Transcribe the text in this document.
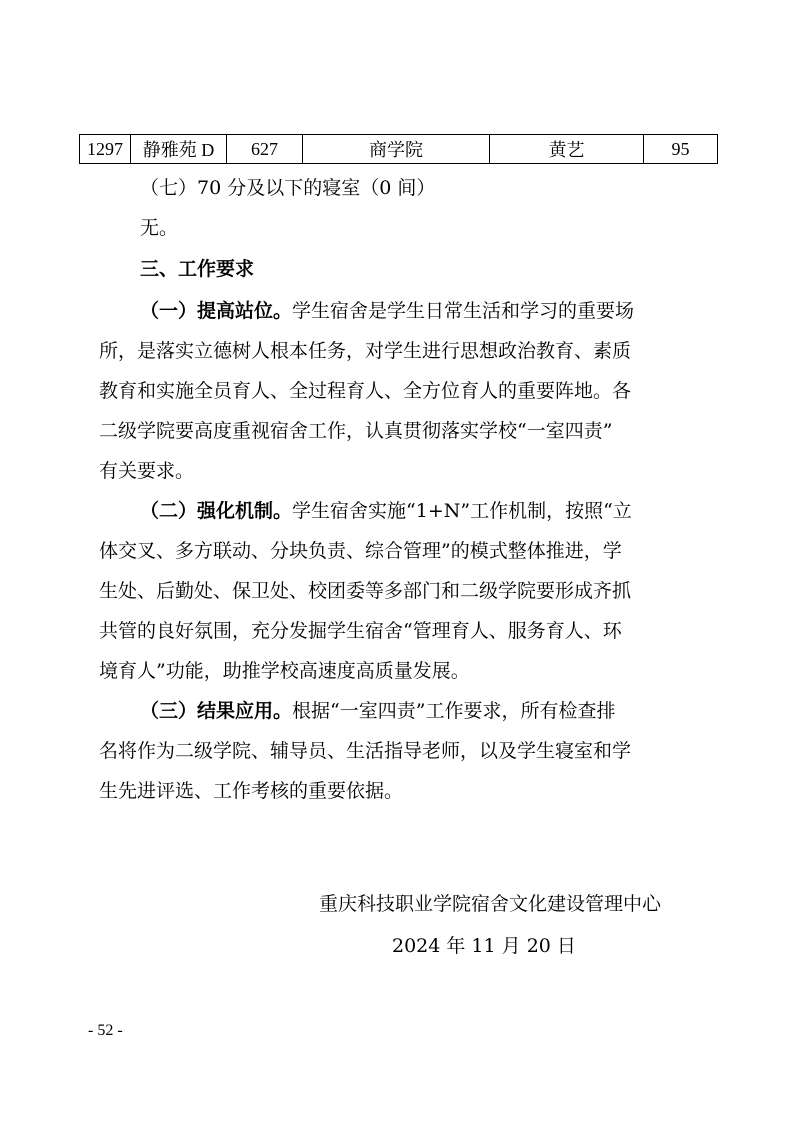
1297	静雅苑 D	627	商学院	黄艺	95
（七）70 分及以下的寝室（0 间）
无。
三、工作要求
（一）提高站位。学生宿舍是学生日常生活和学习的重要场
所，是落实立德树人根本任务，对学生进行思想政治教育、素质
教育和实施全员育人、全过程育人、全方位育人的重要阵地。各
二级学院要高度重视宿舍工作，认真贯彻落实学校“一室四责”
有关要求。
（二）强化机制。学生宿舍实施“1+N”工作机制，按照“立
体交叉、多方联动、分块负责、综合管理”的模式整体推进，学
生处、后勤处、保卫处、校团委等多部门和二级学院要形成齐抓
共管的良好氛围，充分发掘学生宿舍“管理育人、服务育人、环
境育人”功能，助推学校高速度高质量发展。
（三）结果应用。根据“一室四责”工作要求，所有检查排
名将作为二级学院、辅导员、生活指导老师，以及学生寝室和学
生先进评选、工作考核的重要依据。
重庆科技职业学院宿舍文化建设管理中心
2024 年 11 月 20 日
- 52 -
